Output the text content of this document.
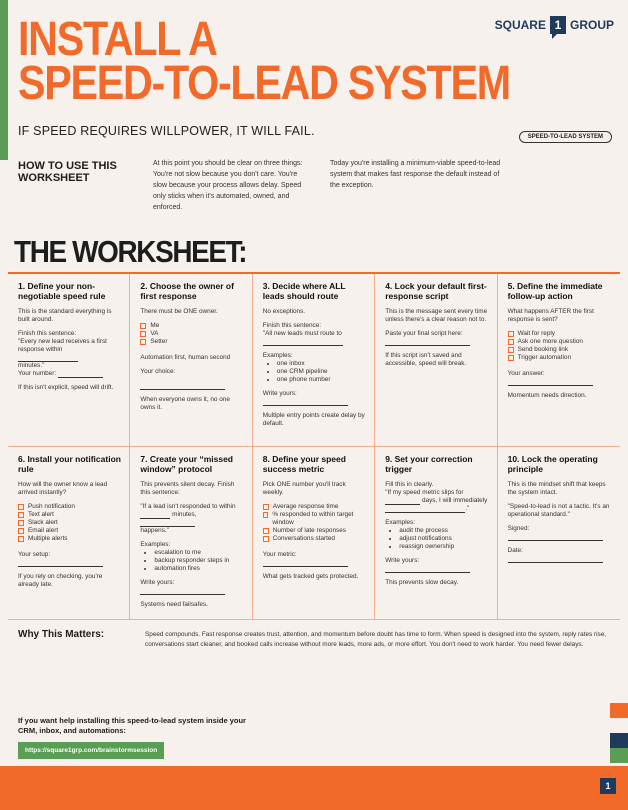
INSTALL A
SPEED-TO-LEAD SYSTEM
SQUARE 1 GROUP
IF SPEED REQUIRES WILLPOWER, IT WILL FAIL.	SPEED-TO-LEAD SYSTEM
HOW TO USE THIS WORKSHEET
At this point you should be clear on three things: You're not slow because you don't care. You're slow because your process allows delay. Speed only sticks when it's automated, owned, and enforced.
Today you're installing a minimum-viable speed-to-lead system that makes fast response the default instead of the exception.
THE WORKSHEET:
1. Define your non-negotiable speed rule

This is the standard everything is built around.

Finish this sentence:
"Every new lead receives a first response within
minutes."

Your number:

If this isn't explicit, speed will drift.

2. Choose the owner of first response

There must be ONE owner.

Me
VA
Setter

Automation first, human second

Your choice:

When everyone owns it, no one owns it.

3. Decide where ALL leads should route

No exceptions.

Finish this sentence:
"All new leads must route to
Examples:
• one inbox
• one CRM pipeline
• one phone number
Write yours:

Multiple entry points create delay by default.

4. Lock your default first-response script

This is the message sent every time unless there's a clear reason not to.

Paste your final script here:

If this script isn't saved and accessible, speed will break.

5. Define the immediate follow-up action

What happens AFTER the first response is sent?

Wait for reply
Ask one more question
Send booking link
Trigger automation
Your answer:

Momentum needs direction.

6. Install your notification rule

How will the owner know a lead arrived instantly?

Push notification
Text alert
Slack alert
Email alert
Multiple alerts
Your setup:

If you rely on checking, you're already late.

7. Create your “missed window” protocol

This prevents silent decay. Finish this sentence:

"If a lead isn't responded to within  minutes,

happens."

Examples:
• escalation to me
• backup responder steps in
• automation fires
Write yours:

Systems need failsafes.

8. Define your speed success metric

Pick ONE number you'll track weekly.

Average response time
% responded to within target window
Number of late responses
Conversations started
Your metric:

What gets tracked gets protected.

9. Set your correction trigger
Fill this in clearly.
"If my speed metric slips for
days, I will immediately

."

Examples:
• audit the process
• adjust notifications
• reassign ownership
Write yours:

This prevents slow decay.

10. Lock the operating principle

This is the mindset shift that keeps the system intact.

"Speed-to-lead is not a tactic. It's an operational standard."

Signed:
Date:
Why This Matters:	Speed compounds. Fast response creates trust, attention, and momentum before doubt has time to form. When speed is designed into the system, reply rates rise, conversations start cleaner, and booked calls increase without more leads, more ads, or more effort. You don't need to work harder. You need fewer delays.
If you want help installing this speed-to-lead system inside your CRM, inbox, and automations:
https://square1grp.com/brainstormsession
1
